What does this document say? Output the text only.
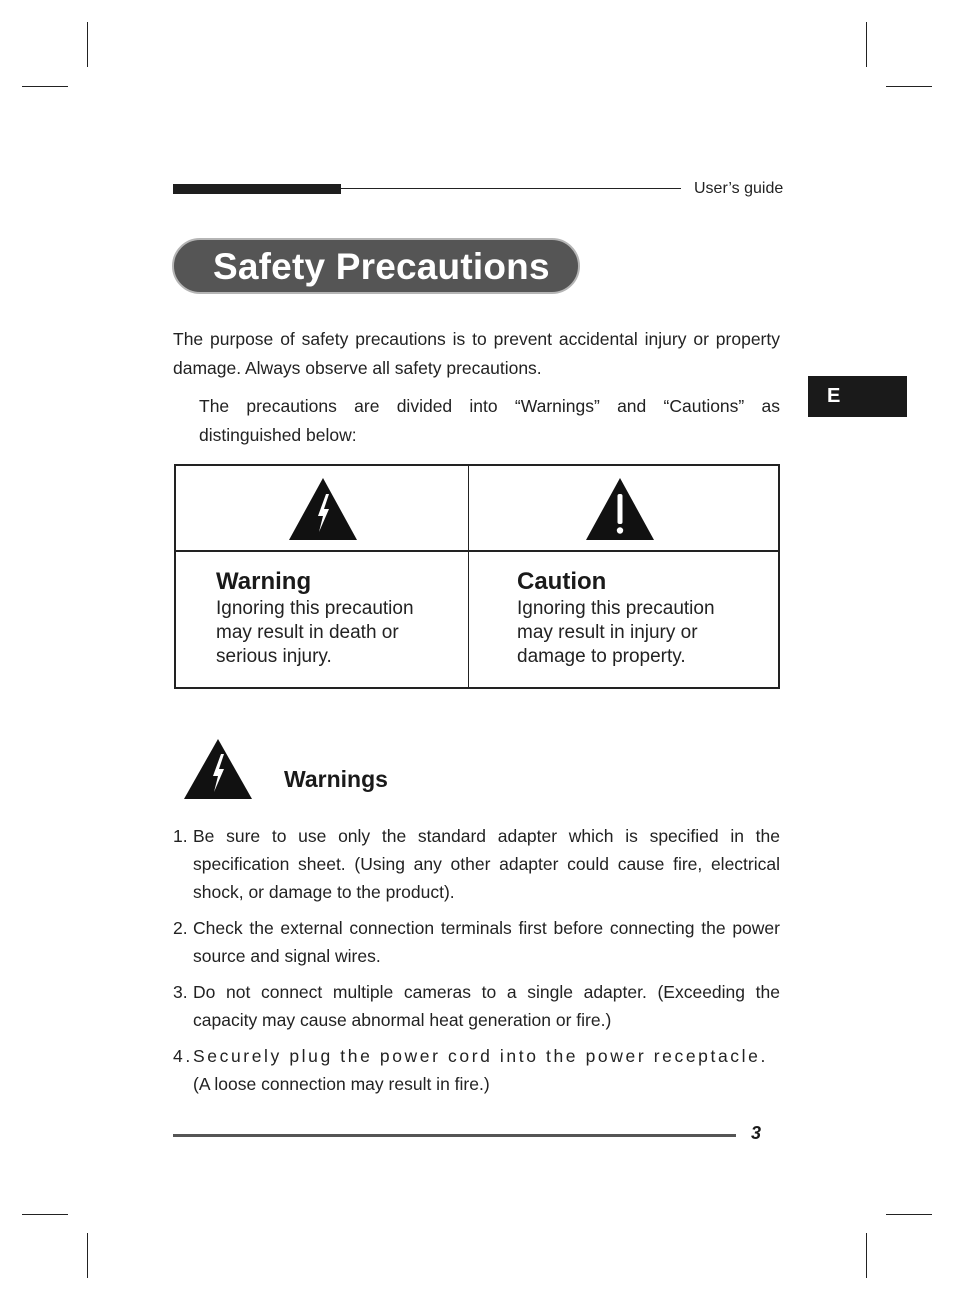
User’s guide
Safety Precautions
E
The purpose of safety precautions is to prevent accidental injury or property damage. Always observe all safety precautions.
The precautions are divided into “Warnings” and “Cautions” as distinguished below:
Warning
Ignoring this precaution
may result in death or
serious injury.
Caution
Ignoring this precaution
may result in injury or
damage to property.
Warnings
1. Be sure to use only the standard adapter which is specified in the specification sheet. (Using any other adapter could cause fire, electrical shock, or damage to the product).
2. Check the external connection terminals first before connecting the power source and signal wires.
3. Do not connect multiple cameras to a single adapter. (Exceeding the capacity may cause abnormal heat generation or fire.)
4. Securely plug the power cord into the power receptacle.
(A loose connection may result in fire.)
3
